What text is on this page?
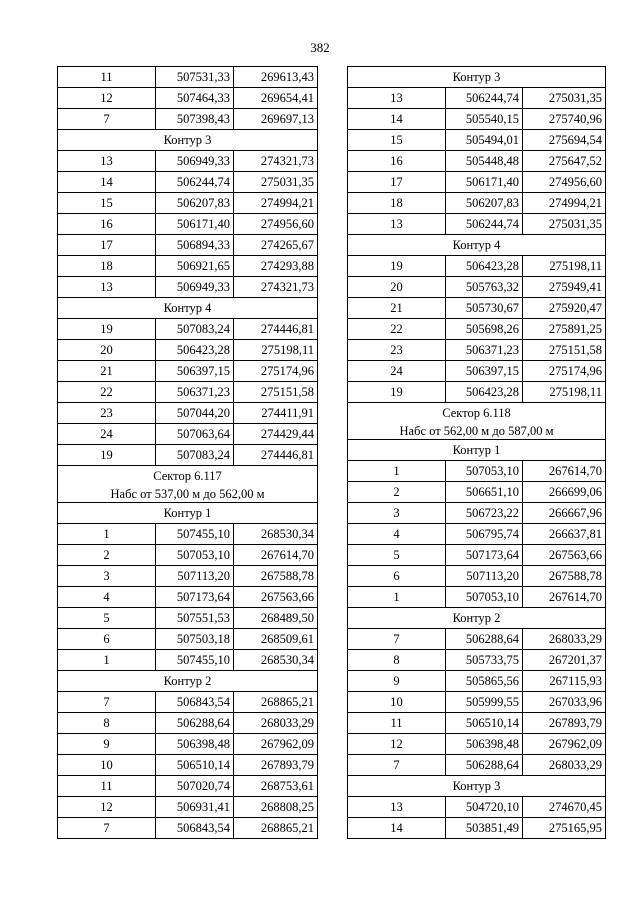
382
11	507531,33	269613,43
12	507464,33	269654,41
7	507398,43	269697,13
Контур 3		
13	506949,33	274321,73
14	506244,74	275031,35
15	506207,83	274994,21
16	506171,40	274956,60
17	506894,33	274265,67
18	506921,65	274293,88
13	506949,33	274321,73
Контур 4		
19	507083,24	274446,81
20	506423,28	275198,11
21	506397,15	275174,96
22	506371,23	275151,58
23	507044,20	274411,91
24	507063,64	274429,44
19	507083,24	274446,81

Сектор 6.117
Набс от 537,00 м до 562,00 м		

Контур 1		
1	507455,10	268530,34
2	507053,10	267614,70
3	507113,20	267588,78
4	507173,64	267563,66
5	507551,53	268489,50
6	507503,18	268509,61
1	507455,10	268530,34
Контур 2		
7	506843,54	268865,21
8	506288,64	268033,29
9	506398,48	267962,09
10	506510,14	267893,79
11	507020,74	268753,61
12	506931,41	268808,25
7	506843,54	268865,21
Контур 3		
13	506244,74	275031,35
14	505540,15	275740,96
15	505494,01	275694,54
16	505448,48	275647,52
17	506171,40	274956,60
18	506207,83	274994,21
13	506244,74	275031,35
Контур 4		
19	506423,28	275198,11
20	505763,32	275949,41
21	505730,67	275920,47
22	505698,26	275891,25
23	506371,23	275151,58
24	506397,15	275174,96
19	506423,28	275198,11

Сектор 6.118
Набс от 562,00 м до 587,00 м		

Контур 1		
1	507053,10	267614,70
2	506651,10	266699,06
3	506723,22	266667,96
4	506795,74	266637,81
5	507173,64	267563,66
6	507113,20	267588,78
1	507053,10	267614,70
Контур 2		
7	506288,64	268033,29
8	505733,75	267201,37
9	505865,56	267115,93
10	505999,55	267033,96
11	506510,14	267893,79
12	506398,48	267962,09
7	506288,64	268033,29
Контур 3		
13	504720,10	274670,45
14	503851,49	275165,95
